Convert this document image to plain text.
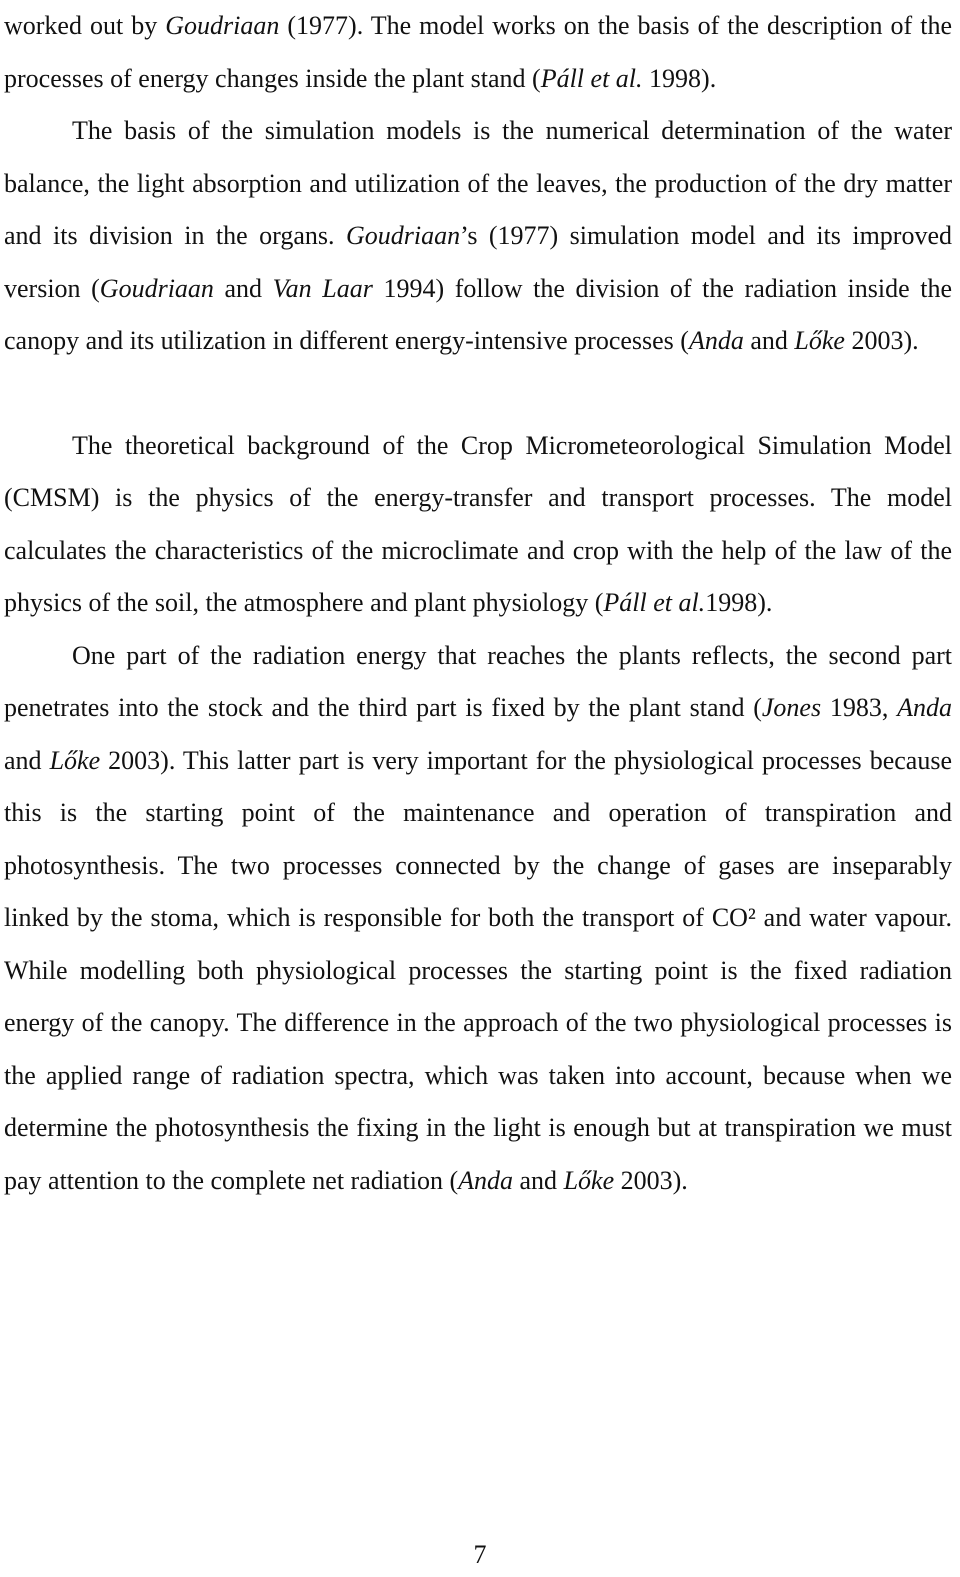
worked out by Goudriaan (1977). The model works on the basis of the description of the processes of energy changes inside the plant stand (Páll et al. 1998).

The basis of the simulation models is the numerical determination of the water balance, the light absorption and utilization of the leaves, the production of the dry matter and its division in the organs. Goudriaan’s (1977) simulation model and its improved version (Goudriaan and Van Laar 1994) follow the division of the radiation inside the canopy and its utilization in different energy-intensive processes (Anda and Lőke 2003).

The theoretical background of the Crop Micrometeorological Simulation Model (CMSM) is the physics of the energy-transfer and transport processes. The model calculates the characteristics of the microclimate and crop with the help of the law of the physics of the soil, the atmosphere and plant physiology (Páll et al.1998).

One part of the radiation energy that reaches the plants reflects, the second part penetrates into the stock and the third part is fixed by the plant stand (Jones 1983, Anda and Lőke 2003). This latter part is very important for the physiological processes because this is the starting point of the maintenance and operation of transpiration and photosynthesis. The two processes connected by the change of gases are inseparably linked by the stoma, which is responsible for both the transport of CO² and water vapour. While modelling both physiological processes the starting point is the fixed radiation energy of the canopy. The difference in the approach of the two physiological processes is the applied range of radiation spectra, which was taken into account, because when we determine the photosynthesis the fixing in the light is enough but at transpiration we must pay attention to the complete net radiation (Anda and Lőke 2003).

7
